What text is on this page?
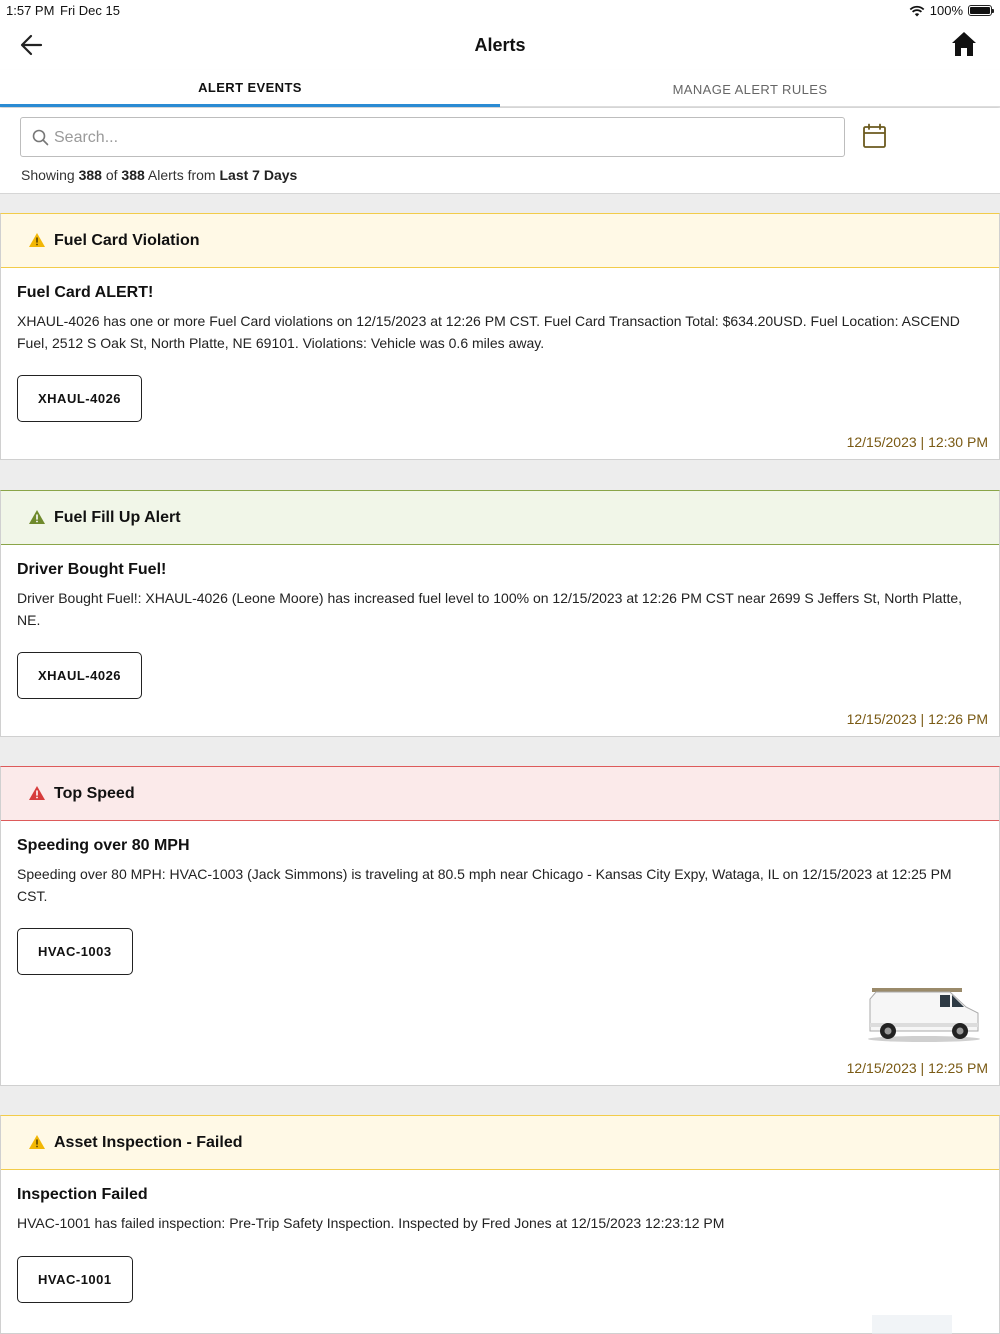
1:57 PM Fri Dec 15	100%
Alerts
ALERT EVENTS	MANAGE ALERT RULES
Search...
Showing 388 of 388 Alerts from Last 7 Days
Fuel Card Violation
Fuel Card ALERT!
XHAUL-4026 has one or more Fuel Card violations on 12/15/2023 at 12:26 PM CST. Fuel Card Transaction Total: $634.20USD. Fuel Location: ASCEND Fuel, 2512 S Oak St, North Platte, NE 69101. Violations: Vehicle was 0.6 miles away.
XHAUL-4026
12/15/2023 | 12:30 PM
Fuel Fill Up Alert
Driver Bought Fuel!
Driver Bought Fuel!: XHAUL-4026 (Leone Moore) has increased fuel level to 100% on 12/15/2023 at 12:26 PM CST near 2699 S Jeffers St, North Platte, NE.
XHAUL-4026
12/15/2023 | 12:26 PM
Top Speed
Speeding over 80 MPH
Speeding over 80 MPH: HVAC-1003 (Jack Simmons) is traveling at 80.5 mph near Chicago - Kansas City Expy, Wataga, IL on 12/15/2023 at 12:25 PM CST.
HVAC-1003
12/15/2023 | 12:25 PM
Asset Inspection - Failed
Inspection Failed
HVAC-1001 has failed inspection: Pre-Trip Safety Inspection. Inspected by Fred Jones at 12/15/2023 12:23:12 PM
HVAC-1001
